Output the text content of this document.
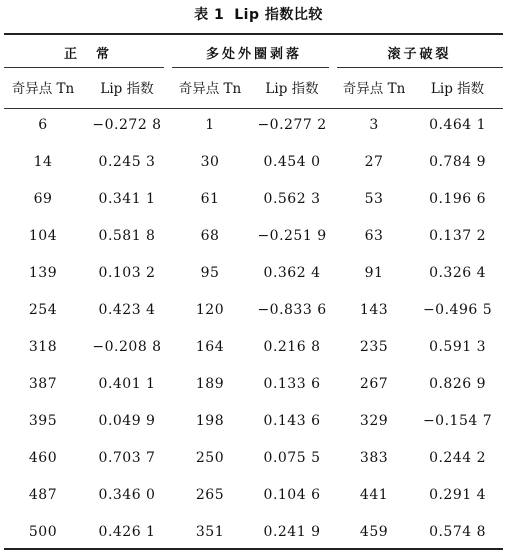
表 1 Lip 指数比较
正　常		多处外圈剥落		滚子破裂	
奇异点 Tn	Lip 指数	奇异点 Tn	Lip 指数	奇异点 Tn	Lip 指数
6	−0.272 8	1	−0.277 2	3	0.464 1
14	0.245 3	30	0.454 0	27	0.784 9
69	0.341 1	61	0.562 3	53	0.196 6
104	0.581 8	68	−0.251 9	63	0.137 2
139	0.103 2	95	0.362 4	91	0.326 4
254	0.423 4	120	−0.833 6	143	−0.496 5
318	−0.208 8	164	0.216 8	235	0.591 3
387	0.401 1	189	0.133 6	267	0.826 9
395	0.049 9	198	0.143 6	329	−0.154 7
460	0.703 7	250	0.075 5	383	0.244 2
487	0.346 0	265	0.104 6	441	0.291 4
500	0.426 1	351	0.241 9	459	0.574 8
